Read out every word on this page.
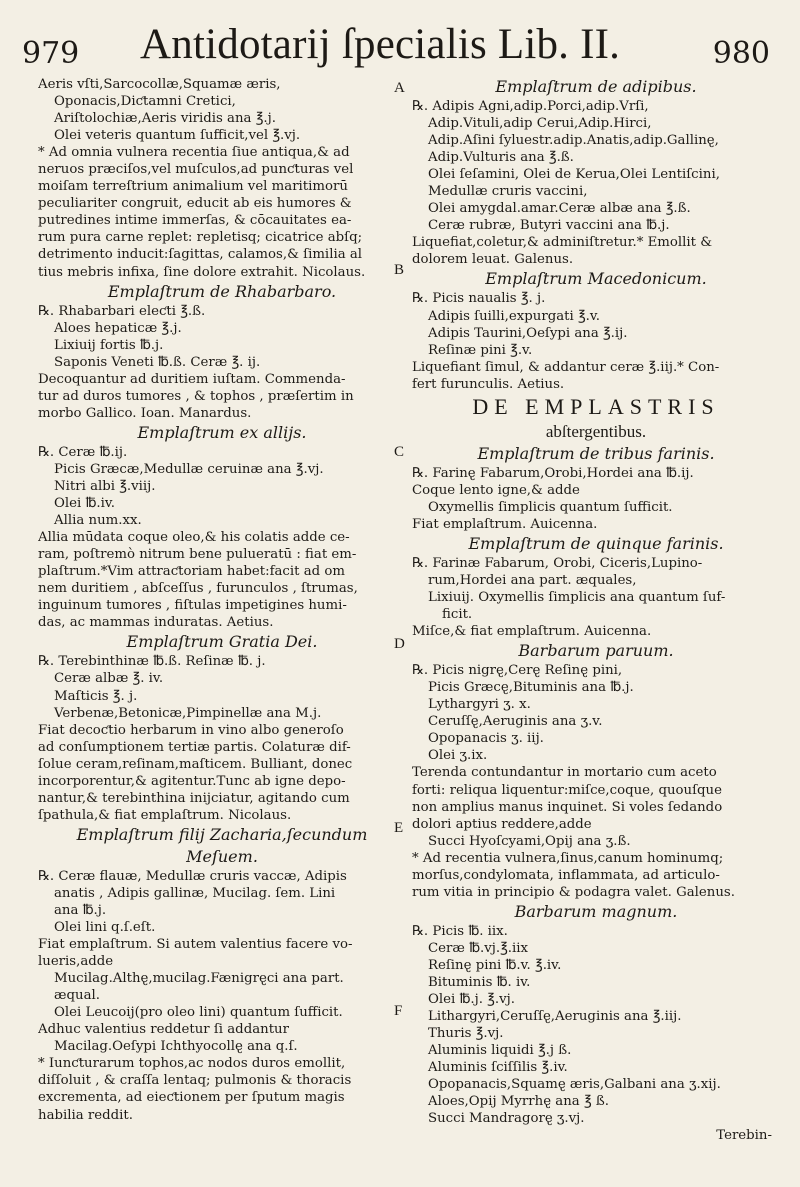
979 Antidotarij ſpecialis Lib. II.	980
A
B
C
D
E
F

Aeris vſti,Sarcocollæ,Squamæ æris,

Oponacis,Diƈtamni Cretici,

Ariſtolochiæ,Aeris viridis ana ℥.j.

Olei veteris quantum ſufficit,vel ℥.vj.

* Ad omnia vulnera recentia ſiue antiqua,& ad

neruos præciſos,vel muſculos,ad punƈturas vel

moiſam terreſtrium animalium vel maritimorū

peculiariter congruit, educit ab eis humores &

putredines intime immerſas, & cōcauitates ea-

rum pura carne replet: repletisq; cicatrice abſq;

detrimento inducit:ſagittas, calamos,& ſimilia al

tius mebris infixa, ſine dolore extrahit. Nicolaus.

Emplaſtrum de Rhabarbaro.

℞. Rhabarbari eleƈti ℥.ß.

Aloes hepaticæ ℥.j.

Lixiuij fortis ℔.j.

Saponis Veneti ℔.ß. Ceræ ℥. ij.

Decoquantur ad duritiem iuſtam. Commenda-

tur ad duros tumores , & tophos , præſertim in

morbo Gallico. Ioan. Manardus.

Emplaſtrum ex allijs.

℞. Ceræ ℔.ij.

Picis Græcæ,Medullæ ceruinæ ana ℥.vj.

Nitri albi ℥.viij.

Olei ℔.iv.

Allia num.xx.

Allia mūdata coque oleo,& his colatis adde ce-

ram, poſtremò nitrum bene pulueratū : fiat em-

plaſtrum.*Vim attraƈtoriam habet:facit ad om

nem duritiem , abſceſſus , furunculos , ſtrumas,

inguinum tumores , fiſtulas impetigines humi-

das, ac mammas induratas. Aetius.

Emplaſtrum Gratia Dei.

℞. Terebinthinæ ℔.ß. Reſinæ ℔. j.

Ceræ albæ ℥. iv.

Maſticis ℥. j.

Verbenæ,Betonicæ,Pimpinellæ ana M.j.

Fiat decoƈtio herbarum in vino albo generoſo

ad conſumptionem tertiæ partis. Colaturæ dif-

ſolue ceram,reſinam,maſticem. Bulliant, donec

incorporentur,& agitentur.Tunc ab igne depo-

nantur,& terebinthina inijciatur, agitando cum

ſpathula,& fiat emplaſtrum. Nicolaus.

Emplaſtrum filij Zacharia,ſecundum

Meſuem.

℞. Ceræ flauæ, Medullæ cruris vaccæ, Adipis

anatis , Adipis gallinæ, Mucilag. ſem. Lini

ana ℔.j.

Olei lini q.ſ.eſt.

Fiat emplaſtrum. Si autem valentius facere vo-

lueris,adde

Mucilag.Althe̢,mucilag.Fænigre̢ci ana part.

æqual.

Olei Leucoij(pro oleo lini) quantum ſufficit.

Adhuc valentius reddetur ſi addantur

Macilag.Oeſypi Ichthyocolle̢ ana q.ſ.

* Iunƈturarum tophos,ac nodos duros emollit,

diſſoluit , & craſſa lentaq; pulmonis & thoracis

excrementa, ad eieƈtionem per ſputum magis

habilia reddit.

Emplaſtrum de adipibus.

℞. Adipis Agni,adip.Porci,adip.Vrſi,

Adip.Vituli,adip Cerui,Adip.Hirci,

Adip.Aſini ſyluestr.adip.Anatis,adip.Galline̢,

Adip.Vulturis ana ℥.ß.

Olei ſeſamini, Olei de Kerua,Olei Lentiſcini,

Medullæ cruris vaccini,

Olei amygdal.amar.Ceræ albæ ana ℥.ß.

Ceræ rubræ, Butyri vaccini ana ℔.j.

Liquefiat,coletur,& adminiſtretur.* Emollit &

dolorem leuat. Galenus.

Emplaſtrum Macedonicum.

℞. Picis naualis ℥. j.

Adipis ſuilli,expurgati ℥.v.

Adipis Taurini,Oeſypi ana ℥.ij.

Reſinæ pini ℥.v.

Liquefiant ſimul, & addantur ceræ ℥.iij.* Con-

fert furunculis. Aetius.

DE EMPLASTRIS

abſtergentibus.

Emplaſtrum de tribus farinis.

℞. Farine̢ Fabarum,Orobi,Hordei ana ℔.ij.

Coque lento igne,& adde

Oxymellis ſimplicis quantum ſufficit.

Fiat emplaſtrum. Auicenna.

Emplaſtrum de quinque farinis.

℞. Farinæ Fabarum, Orobi, Ciceris,Lupino-

rum,Hordei ana part. æquales,

Lixiuij. Oxymellis ſimplicis ana quantum ſuf-

ficit.

Miſce,& fiat emplaſtrum. Auicenna.

Barbarum paruum.

℞. Picis nigre̢,Cere̢ Reſine̢ pini,

Picis Græce̢,Bituminis ana ℔.j.

Lythargyri ʒ. x.

Ceruſſe̢,Aeruginis ana ʒ.v.

Opopanacis ʒ. iij.

Olei ʒ.ix.

Terenda contundantur in mortario cum aceto

forti: reliqua liquentur:miſce,coque, quouſque

non amplius manus inquinet. Si voles ſedando

dolori aptius reddere,adde

Succi Hyoſcyami,Opij ana ʒ.ß.

* Ad recentia vulnera,ſinus,canum hominumq;

morſus,condylomata, inflammata, ad articulo-

rum vitia in principio & podagra valet. Galenus.

Barbarum magnum.

℞. Picis ℔. iix.

Ceræ ℔.vj.℥.iix

Reſine̢ pini ℔.v. ℥.iv.

Bituminis ℔. iv.

Olei ℔.j. ℥.vj.

Lithargyri,Ceruſſe̢,Aeruginis ana ℥.iij.

Thuris ℥.vj.

Aluminis liquidi ℥.j ß.

Aluminis ſciſſilis ℥.iv.

Opopanacis,Squame̢ æris,Galbani ana ʒ.xij.

Aloes,Opij Myrrhe̢ ana ℥ ß.

Succi Mandragore̢ ʒ.vj.

Terebin-
